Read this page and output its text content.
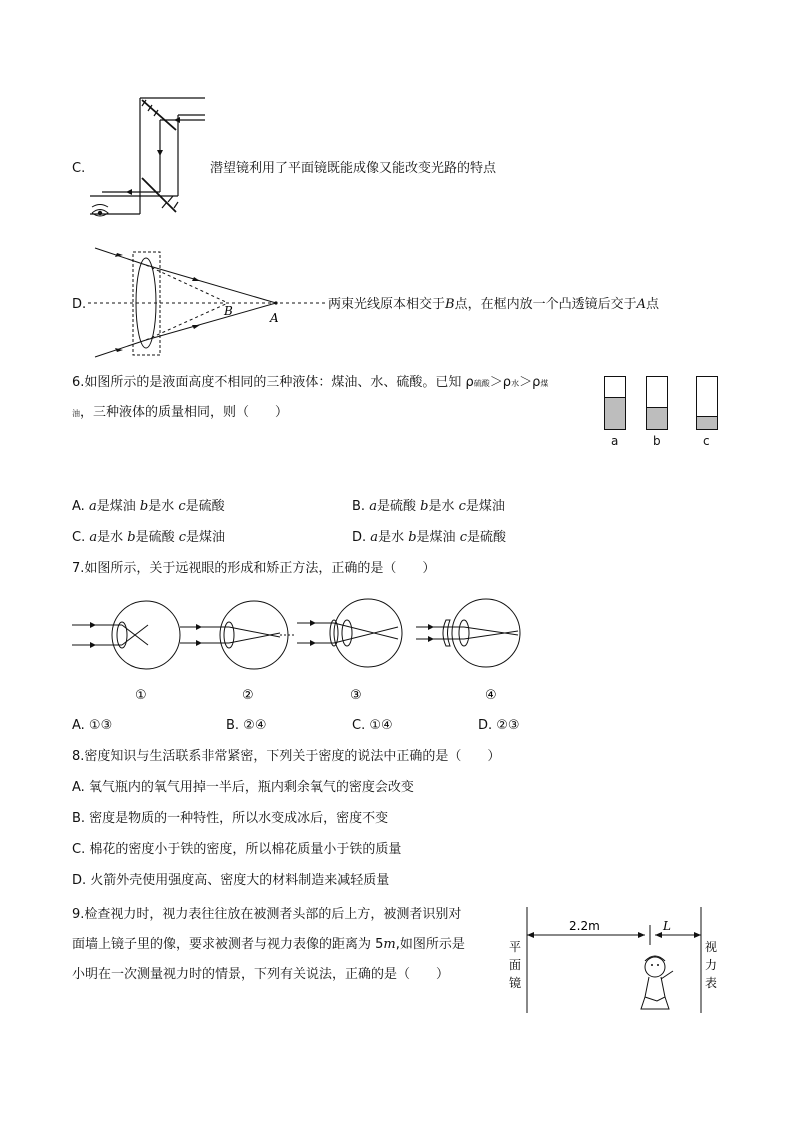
C.	潜望镜利用了平面镜既能成像又能改变光路的特点
B	A
D.	两束光线原本相交于B点，在框内放一个凸透镜后交于A点
6.如图所示的是液面高度不相同的三种液体：煤油、水、硫酸。已知 ρ硫酸＞ρ水＞ρ煤
油，三种液体的质量相同，则（　　）
a	b	c
A. a是煤油 b是水 c是硫酸	B. a是硫酸 b是水 c是煤油
C. a是水 b是硫酸 c是煤油	D. a是水 b是煤油 c是硫酸
7.如图所示，关于远视眼的形成和矫正方法，正确的是（　　）
①	②	③	④
A. ①③	B. ②④	C. ①④	D. ②③
8.密度知识与生活联系非常紧密，下列关于密度的说法中正确的是（　　）
A. 氧气瓶内的氧气用掉一半后，瓶内剩余氧气的密度会改变
B. 密度是物质的一种特性，所以水变成冰后，密度不变
C. 棉花的密度小于铁的密度，所以棉花质量小于铁的质量
D. 火箭外壳使用强度高、密度大的材料制造来减轻质量
9.检查视力时，视力表往往放在被测者头部的后上方，被测者识别对
面墙上镜子里的像，要求被测者与视力表像的距离为 5m,如图所示是
小明在一次测量视力时的情景，下列有关说法，正确的是（　　）
2.2m	L
平
面
镜
视
力
表
